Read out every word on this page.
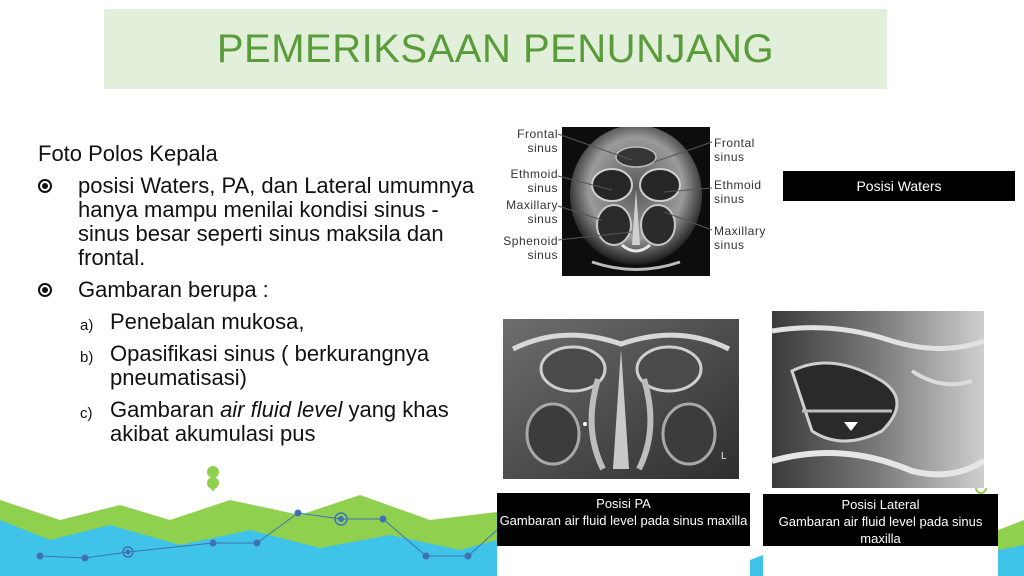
PEMERIKSAAN PENUNJANG
Foto Polos Kepala
posisi Waters, PA, dan Lateral umumnya hanya mampu menilai kondisi sinus - sinus besar seperti sinus maksila dan frontal.
Gambaran berupa :
a) Penebalan mukosa,
b) Opasifikasi sinus ( berkurangnya pneumatisasi)
c) Gambaran air fluid level yang khas akibat akumulasi pus
Frontal sinus
Ethmoid sinus
Maxillary sinus
Sphenoid sinus
Frontal sinus
Ethmoid sinus
Maxillary sinus
Posisi Waters
L
Posisi PA
Gambaran air fluid level pada sinus maxilla
Posisi Lateral
Gambaran air fluid level pada sinus maxilla
